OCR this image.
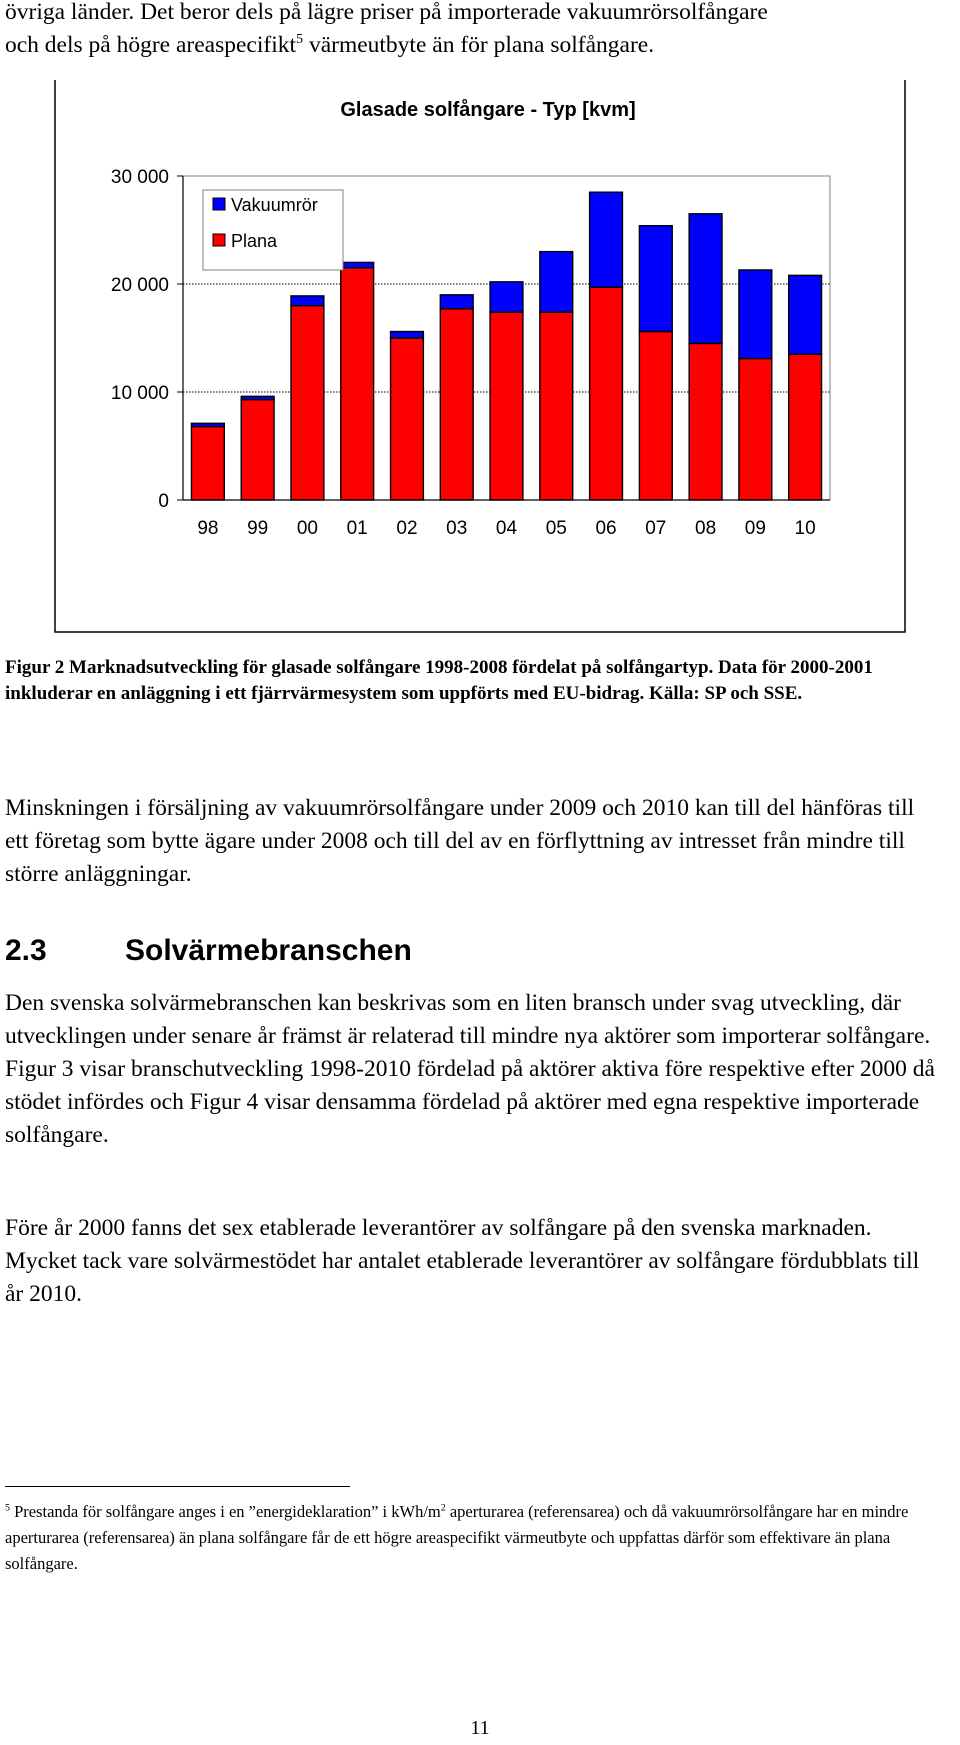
övriga länder. Det beror dels på lägre priser på importerade vakuumrörsolfångare
och dels på högre areaspecifikt$^5$ värmeutbyte än för plana solfångare.
Glasade solfångare - Typ [kvm]
0
10 000
20 000
30 000
98 99 00 01 02 03 04 05 06 07 08 09 10
Vakuumrör
Plana

Figur 2 Marknadsutveckling för glasade solfångare 1998-2008 fördelat på solfångartyp. Data för 2000-2001 inkluderar en anläggning i ett fjärrvärmesystem som uppförts med EU-bidrag. Källa: SP och SSE.

Minskningen i försäljning av vakuumrörsolfångare under 2009 och 2010 kan till del hänföras till ett företag som bytte ägare under 2008 och till del av en förflyttning av intresset från mindre till större anläggningar.

2.3	Solvärmebranschen

Den svenska solvärmebranschen kan beskrivas som en liten bransch under svag utveckling, där utvecklingen under senare år främst är relaterad till mindre nya aktörer som importerar solfångare. Figur 3 visar branschutveckling 1998-2010 fördelad på aktörer aktiva före respektive efter 2000 då stödet infördes och Figur 4 visar densamma fördelad på aktörer med egna respektive importerade solfångare.

Före år 2000 fanns det sex etablerade leverantörer av solfångare på den svenska marknaden. Mycket tack vare solvärmestödet har antalet etablerade leverantörer av solfångare fördubblats till år 2010.

$^5$ Prestanda för solfångare anges i en ”energideklaration” i kWh/$m^2$ aperturarea (referensarea) och då vakuumrörsolfångare har en mindre aperturarea (referensarea) än plana solfångare får de ett högre areaspecifikt värmeutbyte och uppfattas därför som effektivare än plana solfångare.

11
